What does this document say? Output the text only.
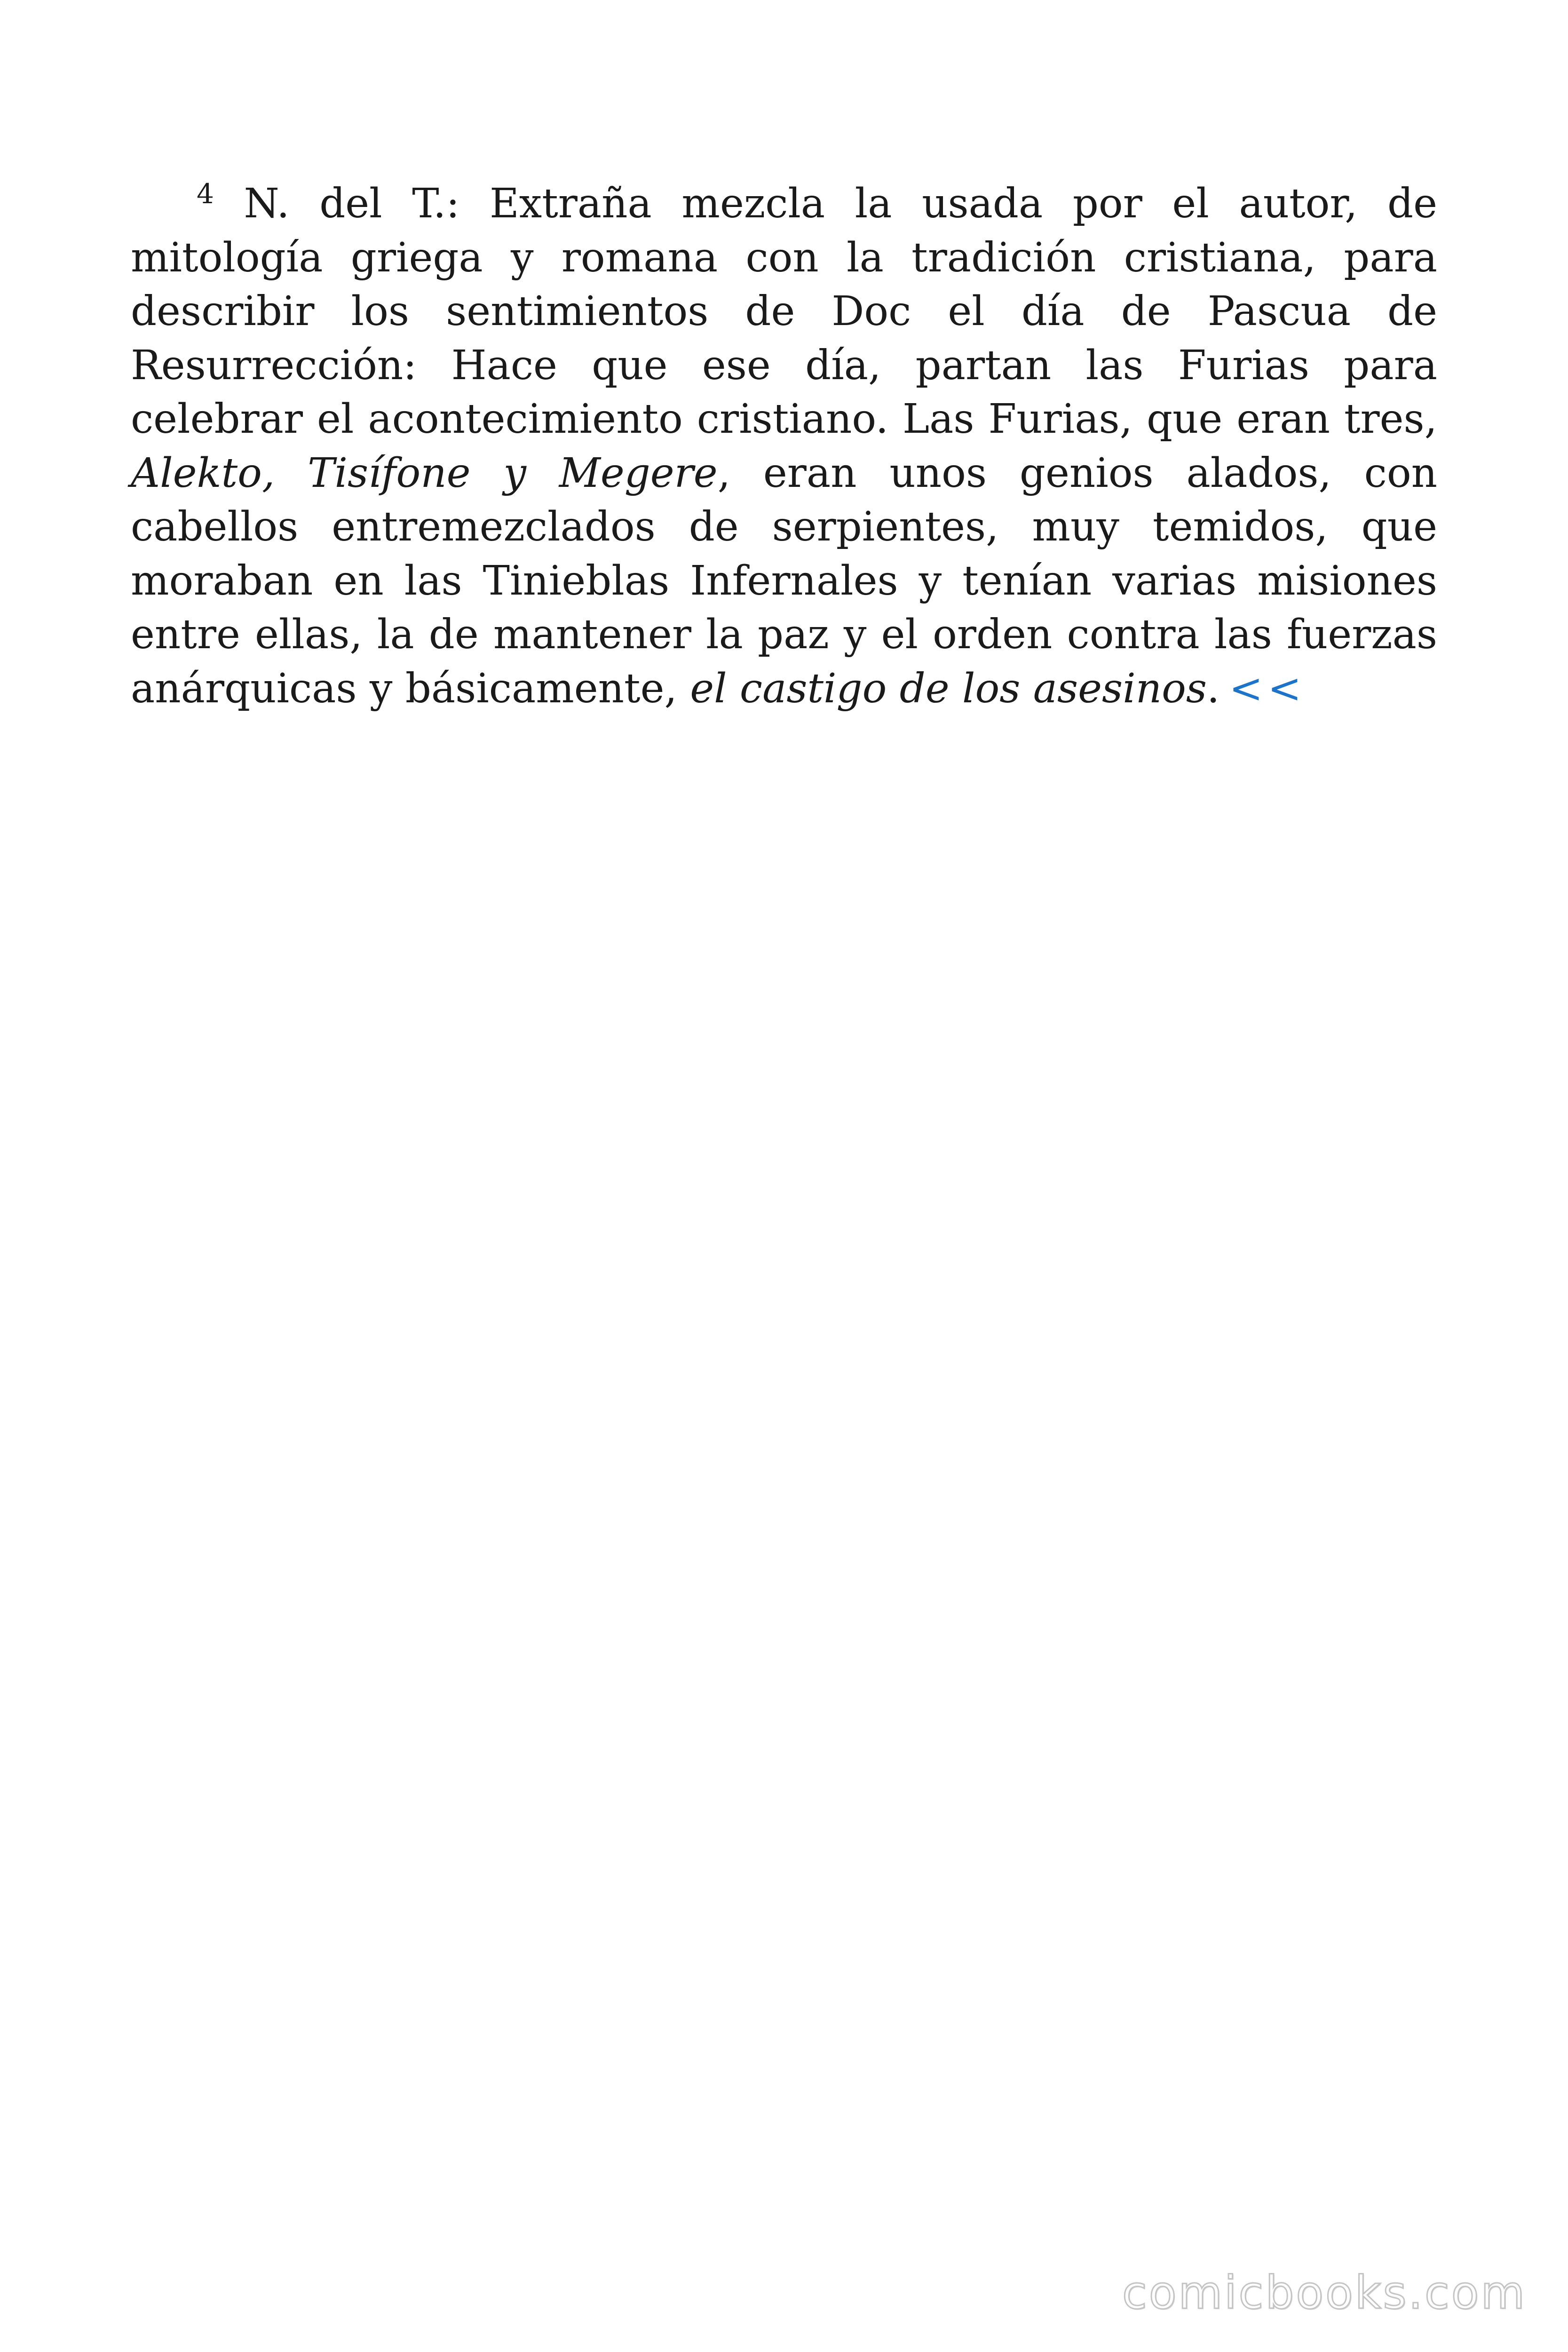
$^4$ N. del T.: Extraña mezcla la usada por el autor, de mitología griega y romana con la tradición cristiana, para describir los sentimientos de Doc el día de Pascua de Resurrección: Hace que ese día, partan las Furias para celebrar el acontecimiento cristiano. Las Furias, que eran tres, Alekto, Tisífone y Megere, eran unos genios alados, con cabellos entremezclados de serpientes, muy temidos, que moraban en las Tinieblas Infernales y tenían varias misiones entre ellas, la de mantener la paz y el orden contra las fuerzas anárquicas y básicamente, el castigo de los asesinos. <<

comicbooks.com
